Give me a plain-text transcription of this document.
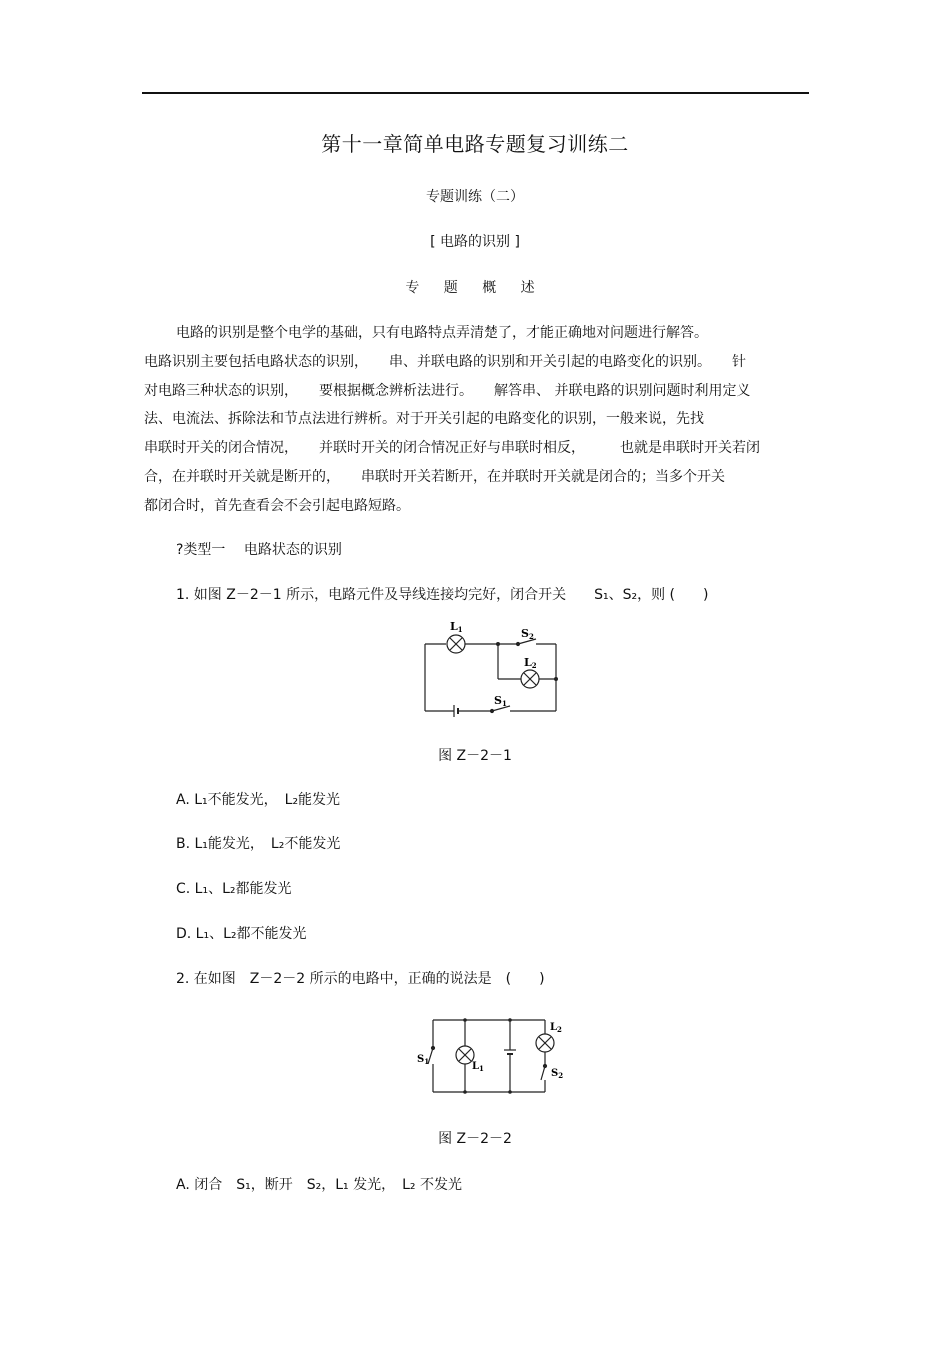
第十一章简单电路专题复习训练二
专题训练（二）
[ 电路的识别 ]
专 题 概 述
电路的识别是整个电学的基础，只有电路特点弄清楚了，才能正确地对问题进行解答。
电路识别主要包括电路状态的识别，　　串、并联电路的识别和开关引起的电路变化的识别。　　针
对电路三种状态的识别，　　要根据概念辨析法进行。　　解答串、 并联电路的识别问题时利用定义
法、电流法、拆除法和节点法进行辨析。对于开关引起的电路变化的识别，一般来说，先找
串联时开关的闭合情况，　　并联时开关的闭合情况正好与串联时相反，　　　也就是串联时开关若闭
合，在并联时开关就是断开的，　　串联时开关若断开，在并联时开关就是闭合的；当多个开关
都闭合时，首先查看会不会引起电路短路。
?类型一　 电路状态的识别
1. 如图 Z－2－1 所示，电路元件及导线连接均完好，闭合开关　　S₁、S₂，则 (　　)
L1	S2
L2
S1
图 Z－2－1
A. L₁不能发光，　L₂能发光
B. L₁能发光，　L₂不能发光
C. L₁、L₂都能发光
D. L₁、L₂都不能发光
2. 在如图　Z－2－2 所示的电路中，正确的说法是　(　　)
$S_1$	$L_1$
$L_2$
$S_2$
图 Z－2－2
A. 闭合　S₁，断开　S₂，L₁ 发光，　L₂ 不发光
